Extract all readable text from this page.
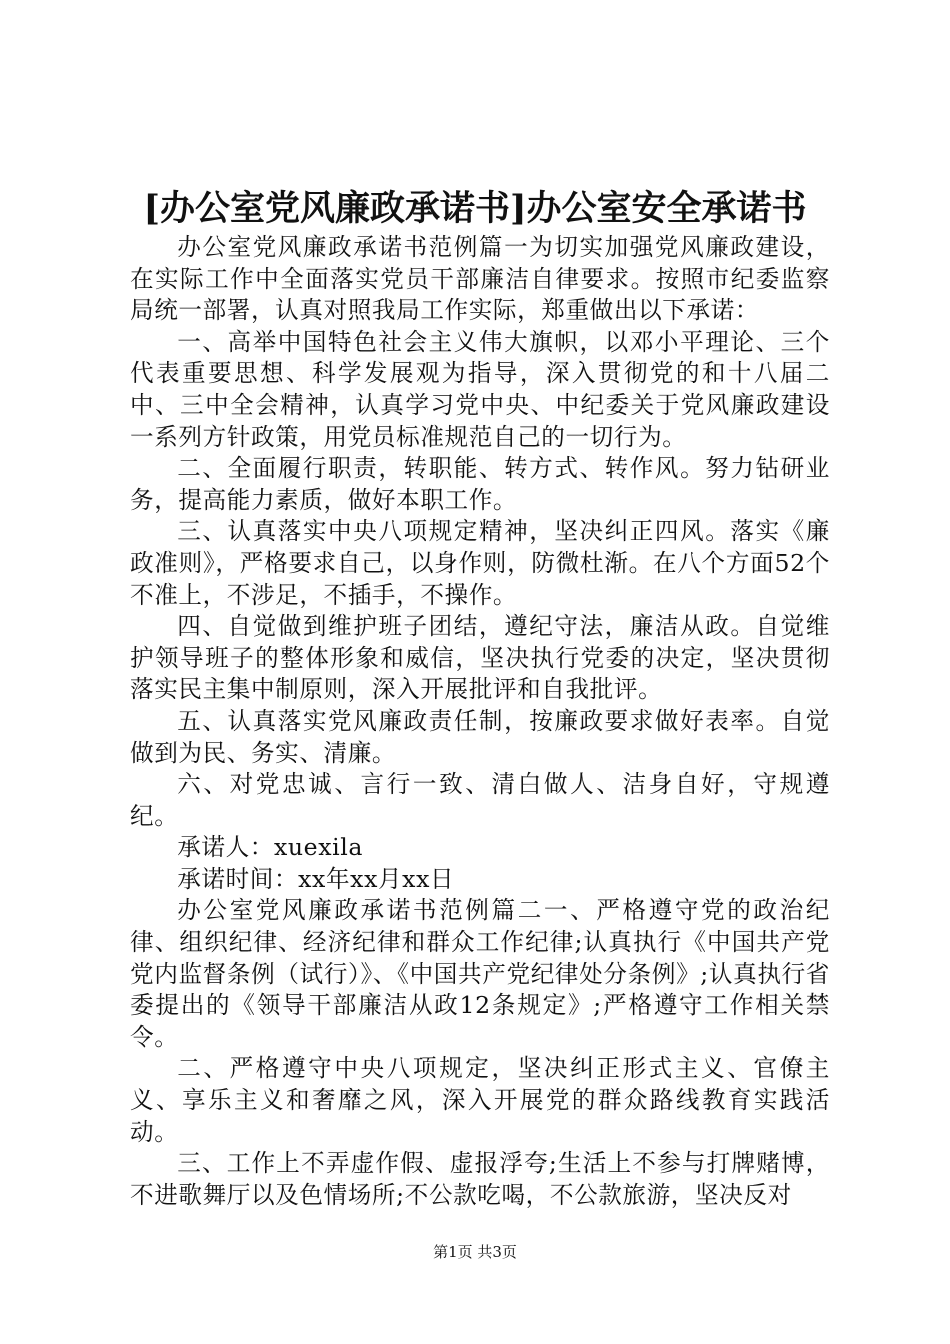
[办公室党风廉政承诺书]办公室安全承诺书

办公室党风廉政承诺书范例篇一为切实加强党风廉政建设，在实际工作中全面落实党员干部廉洁自律要求。按照市纪委监察局统一部署，认真对照我局工作实际，郑重做出以下承诺：

一、高举中国特色社会主义伟大旗帜，以邓小平理论、三个代表重要思想、科学发展观为指导，深入贯彻党的和十八届二中、三中全会精神，认真学习党中央、中纪委关于党风廉政建设一系列方针政策，用党员标准规范自己的一切行为。

二、全面履行职责，转职能、转方式、转作风。努力钻研业务，提高能力素质，做好本职工作。

三、认真落实中央八项规定精神，坚决纠正四风。落实《廉政准则》，严格要求自己，以身作则，防微杜渐。在八个方面52个不准上，不涉足，不插手，不操作。

四、自觉做到维护班子团结，遵纪守法，廉洁从政。自觉维护领导班子的整体形象和威信，坚决执行党委的决定，坚决贯彻落实民主集中制原则，深入开展批评和自我批评。

五、认真落实党风廉政责任制，按廉政要求做好表率。自觉做到为民、务实、清廉。

六、对党忠诚、言行一致、清白做人、洁身自好，守规遵纪。

承诺人：xuexila

承诺时间：xx年xx月xx日

办公室党风廉政承诺书范例篇二一、严格遵守党的政治纪律、组织纪律、经济纪律和群众工作纪律;认真执行《中国共产党党内监督条例（试行）》、《中国共产党纪律处分条例》;认真执行省委提出的《领导干部廉洁从政12条规定》;严格遵守工作相关禁令。

二、严格遵守中央八项规定，坚决纠正形式主义、官僚主义、享乐主义和奢靡之风，深入开展党的群众路线教育实践活动。

三、工作上不弄虚作假、虚报浮夸;生活上不参与打牌赌博，不进歌舞厅以及色情场所;不公款吃喝，不公款旅游，坚决反对

第1页 共3页
